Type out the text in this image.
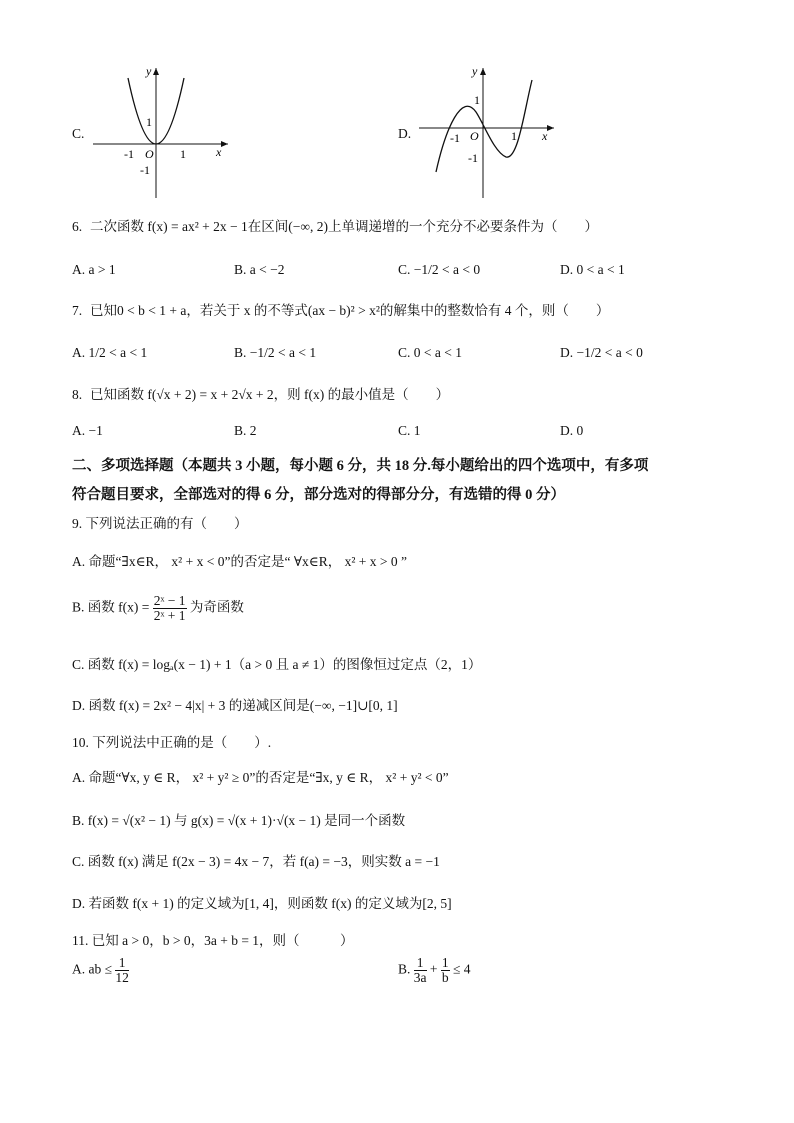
C.
y
x
O
-1	1
1
-1
D.
y
x
O
-1	1
1
-1
6. 二次函数 f(x) = ax² + 2x − 1在区间(−∞, 2)上单调递增的一个充分不必要条件为（　　）
A. a > 1	B. a < −2	C. −1/2 < a < 0	D. 0 < a < 1
7. 已知0 < b < 1 + a，若关于 x 的不等式(ax − b)² > x²的解集中的整数恰有 4 个，则（　　）
A. 1/2 < a < 1	B. −1/2 < a < 1	C. 0 < a < 1	D. −1/2 < a < 0
8. 已知函数 f(√x + 2) = x + 2√x + 2，则 f(x) 的最小值是（　　）
A. −1	B. 2	C. 1	D. 0
二、多项选择题（本题共 3 小题，每小题 6 分，共 18 分.每小题给出的四个选项中，有多项
符合题目要求，全部选对的得 6 分，部分选对的得部分分，有选错的得 0 分）
9. 下列说法正确的有（　　）
A. 命题“∃x∈R， x² + x < 0”的否定是“ ∀x∈R， x² + x > 0 ”
B. 函数 $f(x) = \frac{\text{2ˣ − 1}}{\text{2ˣ + 1}}$ 为奇函数
C. 函数 f(x) = logₐ(x − 1) + 1（a > 0 且 a ≠ 1）的图像恒过定点（2，1）
D. 函数 f(x) = 2x² − 4|x| + 3 的递减区间是(−∞, −1]∪[0, 1]
10. 下列说法中正确的是（　　）.
A. 命题“∀x, y ∈ R， x² + y² ≥ 0”的否定是“∃x, y ∈ R， x² + y² < 0”
B. f(x) = √(x² − 1) 与 g(x) = √(x + 1)·√(x − 1) 是同一个函数
C. 函数 f(x) 满足 f(2x − 3) = 4x − 7，若 f(a) = −3，则实数 a = −1
D. 若函数 f(x + 1) 的定义域为[1, 4]，则函数 f(x) 的定义域为[2, 5]
11. 已知 a > 0，b > 0，3a + b = 1，则（　　　）
A. ab ≤ $\frac{1}{12}$	B. $\frac{1}{3a} + \frac{1}{b} \le 4$
